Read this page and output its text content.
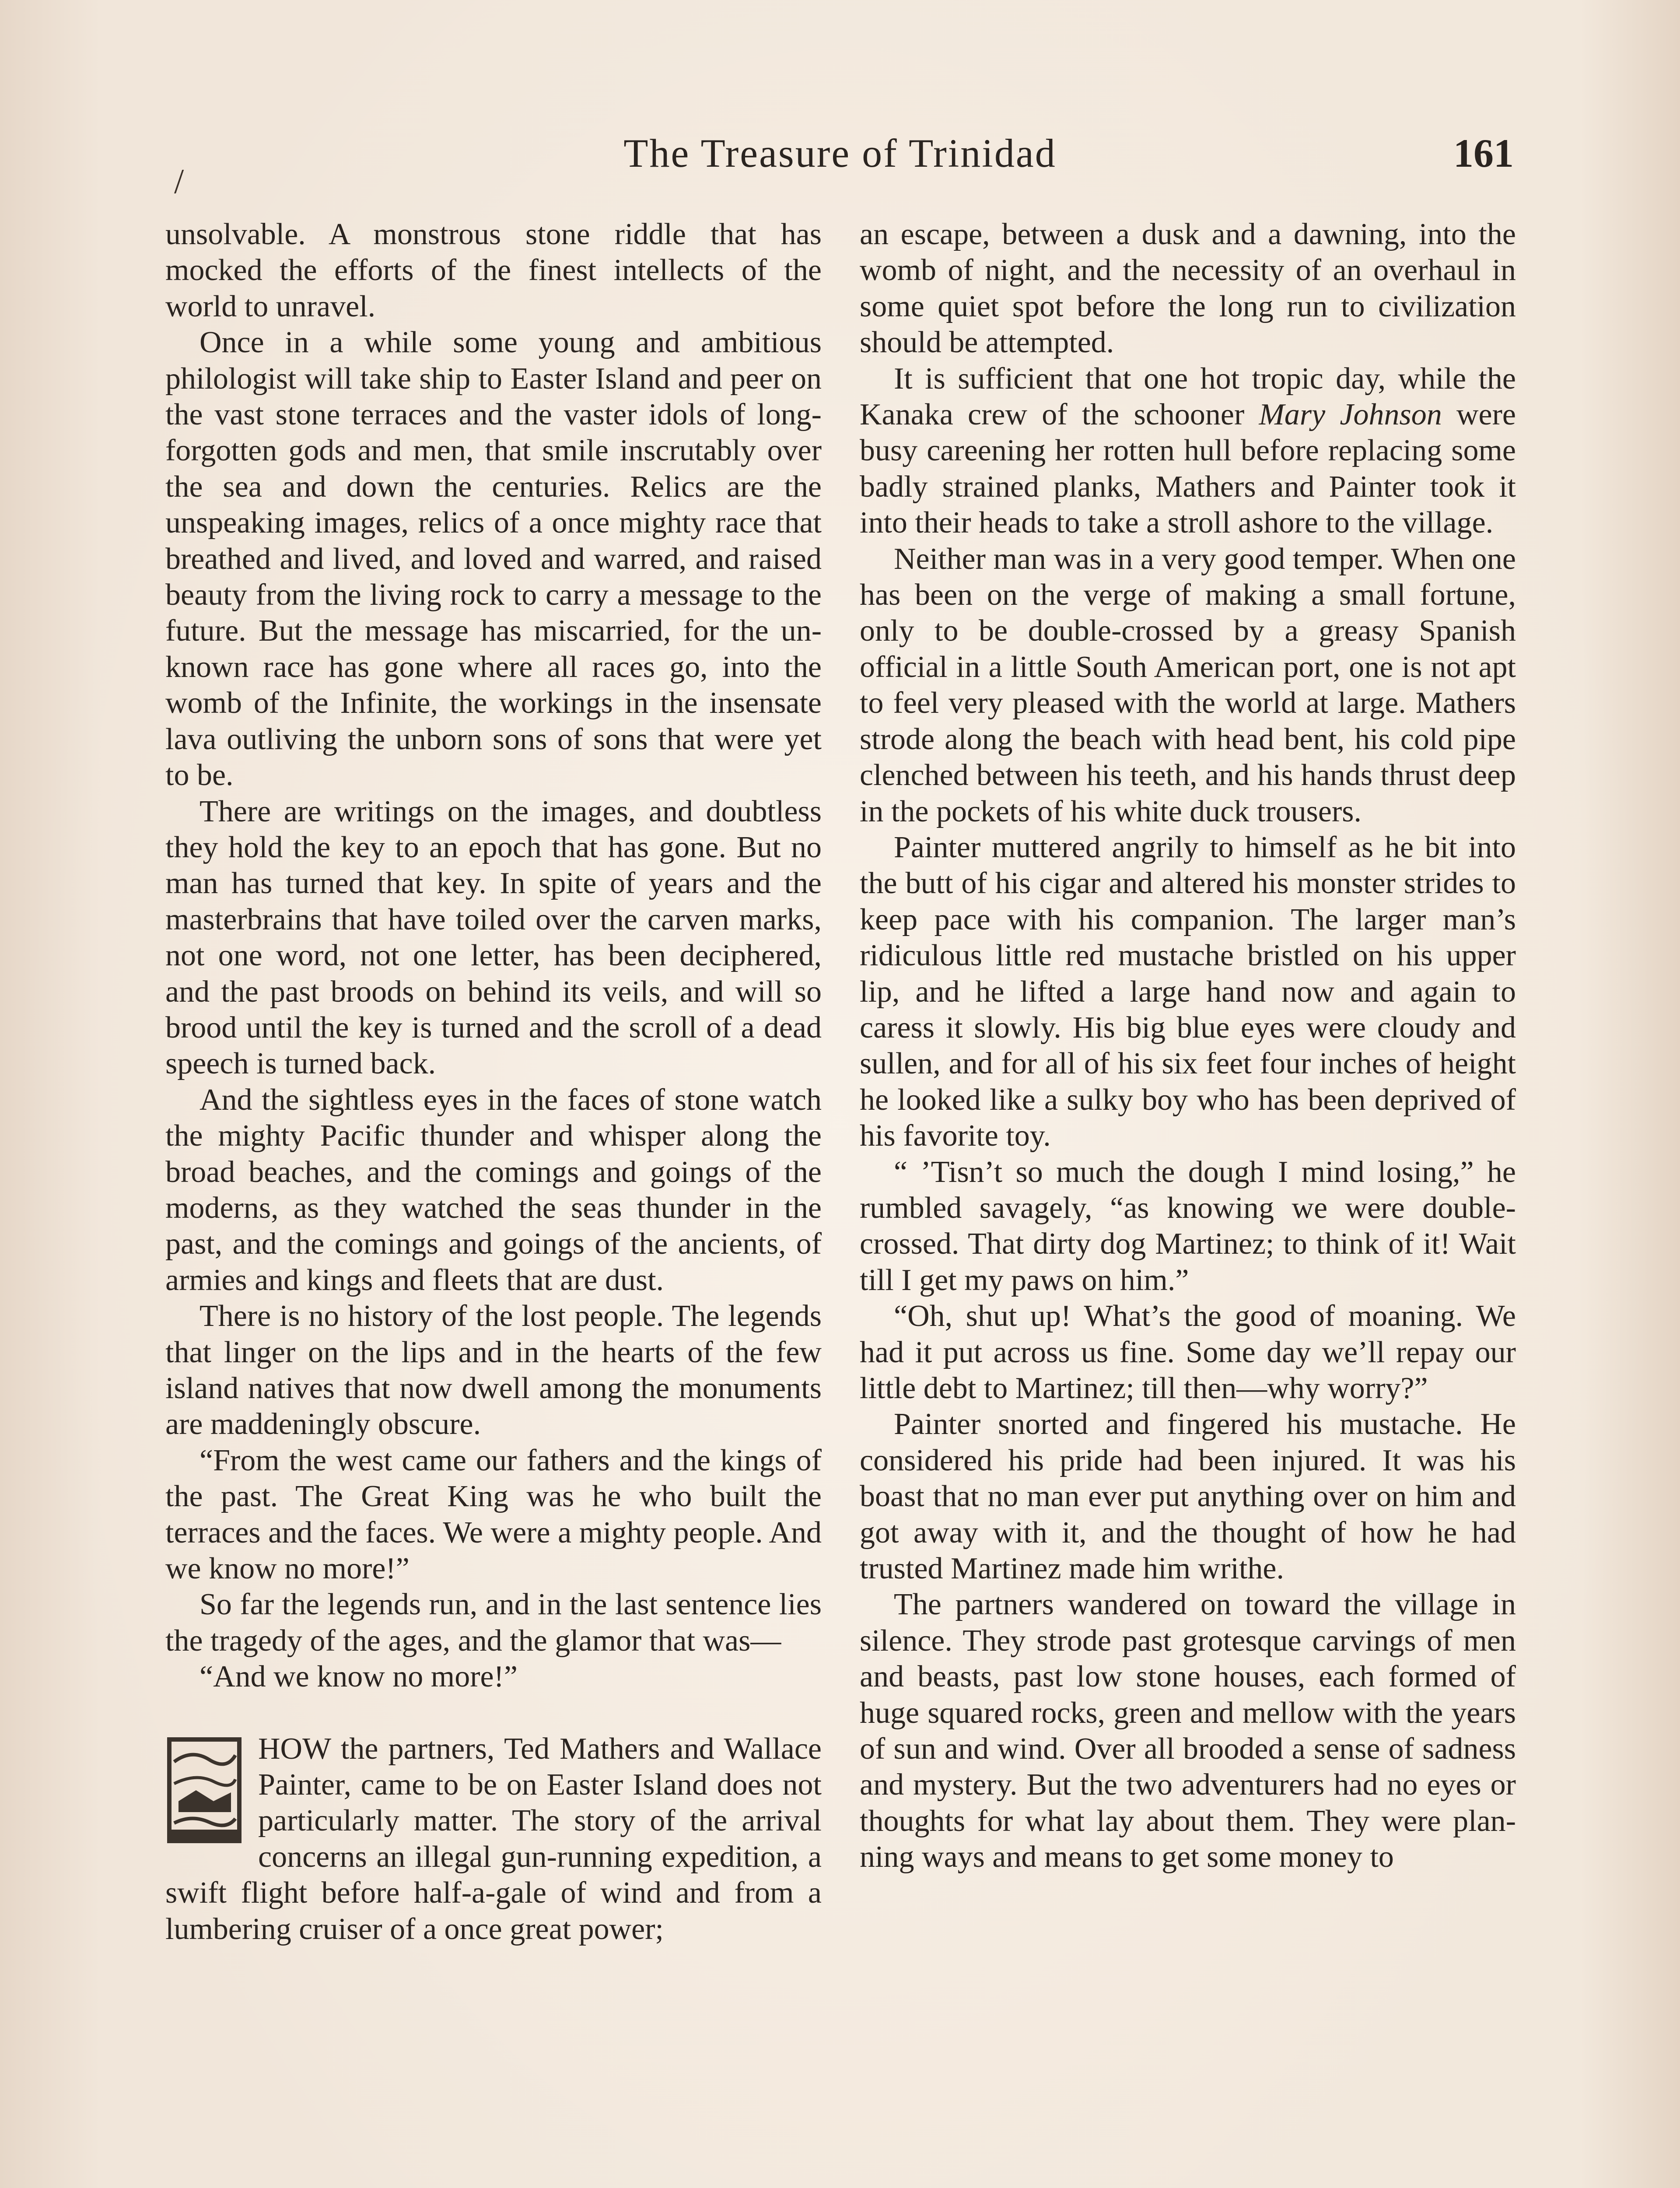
/
The Treasure of Trinidad	161

unsolvable. A monstrous stone riddle that has mocked the efforts of the finest intellects of the world to unravel.

Once in a while some young and ambitious philologist will take ship to Easter Island and peer on the vast stone terraces and the vaster idols of long-forgotten gods and men, that smile inscrutably over the sea and down the centuries. Relics are the unspeaking images, relics of a once mighty race that breathed and lived, and loved and warred, and raised beauty from the living rock to carry a message to the future. But the message has miscarried, for the unknown race has gone where all races go, into the womb of the Infinite, the workings in the insensate lava outliving the unborn sons of sons that were yet to be.

There are writings on the images, and doubtless they hold the key to an epoch that has gone. But no man has turned that key. In spite of years and the masterbrains that have toiled over the carven marks, not one word, not one letter, has been deciphered, and the past broods on behind its veils, and will so brood until the key is turned and the scroll of a dead speech is turned back.

And the sightless eyes in the faces of stone watch the mighty Pacific thunder and whisper along the broad beaches, and the comings and goings of the moderns, as they watched the seas thunder in the past, and the comings and goings of the ancients, of armies and kings and fleets that are dust.

There is no history of the lost people. The legends that linger on the lips and in the hearts of the few island natives that now dwell among the monuments are maddeningly obscure.

“From the west came our fathers and the kings of the past. The Great King was he who built the terraces and the faces. We were a mighty people. And we know no more!”

So far the legends run, and in the last sentence lies the tragedy of the ages, and the glamor that was—

“And we know no more!”

HOW the partners, Ted Mathers and Wallace Painter, came to be on Easter Island does not particularly matter. The story of the arrival concerns an illegal gun-running expedition, a swift flight before half-a-gale of wind and from a lumbering cruiser of a once great power;

an escape, between a dusk and a dawning, into the womb of night, and the necessity of an overhaul in some quiet spot before the long run to civilization should be attempted.

It is sufficient that one hot tropic day, while the Kanaka crew of the schooner Mary Johnson were busy careening her rotten hull before replacing some badly strained planks, Mathers and Painter took it into their heads to take a stroll ashore to the village.

Neither man was in a very good temper. When one has been on the verge of making a small fortune, only to be double-crossed by a greasy Spanish official in a little South American port, one is not apt to feel very pleased with the world at large. Mathers strode along the beach with head bent, his cold pipe clenched between his teeth, and his hands thrust deep in the pockets of his white duck trousers.

Painter muttered angrily to himself as he bit into the butt of his cigar and altered his monster strides to keep pace with his companion. The larger man’s ridiculous little red mustache bristled on his upper lip, and he lifted a large hand now and again to caress it slowly. His big blue eyes were cloudy and sullen, and for all of his six feet four inches of height he looked like a sulky boy who has been deprived of his favorite toy.

“ ’Tisn’t so much the dough I mind losing,” he rumbled savagely, “as knowing we were double-crossed. That dirty dog Martinez; to think of it! Wait till I get my paws on him.”

“Oh, shut up! What’s the good of moaning. We had it put across us fine. Some day we’ll repay our little debt to Martinez; till then—why worry?”

Painter snorted and fingered his mustache. He considered his pride had been injured. It was his boast that no man ever put anything over on him and got away with it, and the thought of how he had trusted Martinez made him writhe.

The partners wandered on toward the village in silence. They strode past grotesque carvings of men and beasts, past low stone houses, each formed of huge squared rocks, green and mellow with the years of sun and wind. Over all brooded a sense of sadness and mystery. But the two adventurers had no eyes or thoughts for what lay about them. They were planning ways and means to get some money to
